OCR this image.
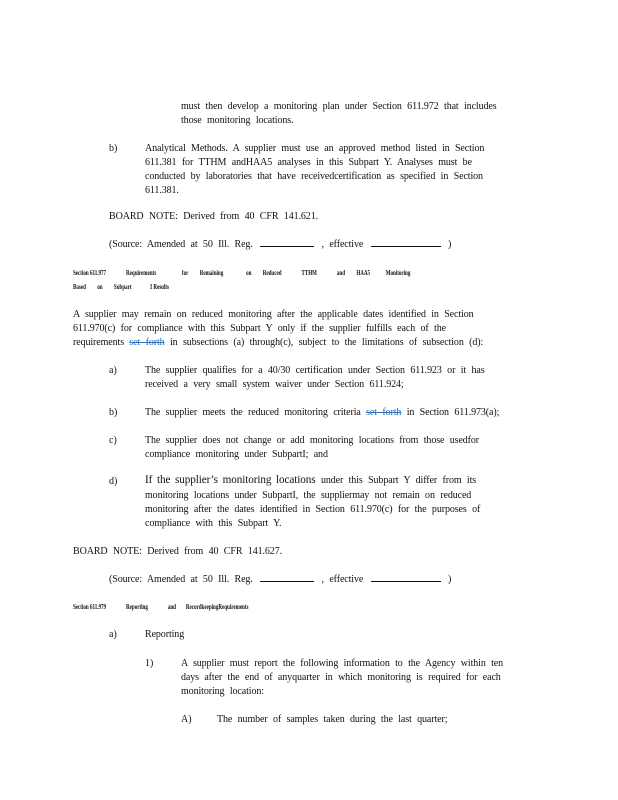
must then develop a monitoring plan under Section 611.972 that includes
those monitoring locations.
b)	Analytical Methods. A supplier must use an approved method listed in Section
611.381 for TTHM andHAA5 analyses in this Subpart Y. Analyses must be
conducted by laboratories that have receivedcertification as specified in Section
611.381.
BOARD NOTE: Derived from 40 CFR 141.621.
(Source: Amended at 50 Ill. Reg.	, effective	)
Section 611.977	Requirements	for Remaining	on Reduced	TTHM	and HAA5 Monitoring
Based on Subpart	I Results
A supplier may remain on reduced monitoring after the applicable dates identified in Section
611.970(c) for compliance with this Subpart Y only if the supplier fulfills each of the
requirements set forth in subsections (a) through(c), subject to the limitations of subsection (d):
a)	The supplier qualifies for a 40/30 certification under Section 611.923 or it has
received a very small system waiver under Section 611.924;
b)	The supplier meets the reduced monitoring criteria set forth in Section 611.973(a);
c)	The supplier does not change or add monitoring locations from those usedfor
compliance monitoring under SubpartI; and
d) If the supplier’s monitoring locations under this Subpart Y differ from its
monitoring locations under SubpartI, the suppliermay not remain on reduced
monitoring after the dates identified in Section 611.970(c) for the purposes of
compliance with this Subpart Y.
BOARD NOTE: Derived from 40 CFR 141.627.
(Source: Amended at 50 Ill. Reg.	, effective	)
Section 611.979	Reporting	and RecordkeepingRequirements
a)	Reporting
1)	A supplier must report the following information to the Agency within ten
days after the end of anyquarter in which monitoring is required for each
monitoring location:
A)	The number of samples taken during the last quarter;
